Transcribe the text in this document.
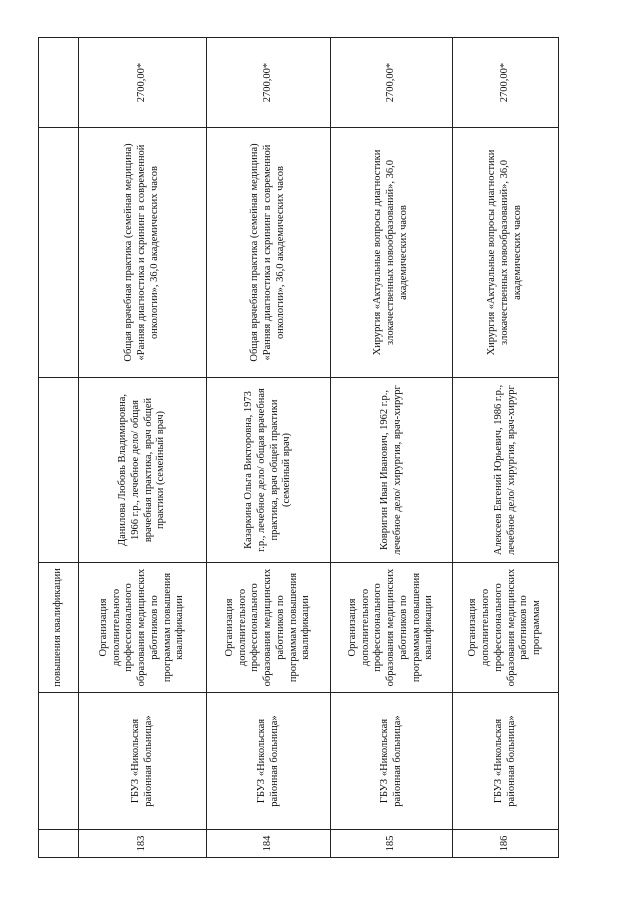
		повышения квалификации			
183	ГБУЗ «Никольская районная больница»	Организация дополнительного профессионального образования медицинских работников по программам повышения квалификации	Данилова Любовь Владимировна, 1966 г.р., лечебное дело/ общая врачебная практика, врач общей практики (семейный врач)	Общая врачебная практика (семейная медицина) «Ранняя диагностика и скрининг в современной онкологии», 36,0 академических часов	2700,00*
184	ГБУЗ «Никольская районная больница»	Организация дополнительного профессионального образования медицинских работников по программам повышения квалификации	Казаркина Ольга Викторовна, 1973 г.р., лечебное дело/ общая врачебная практика, врач общей практики (семейный врач)	Общая врачебная практика (семейная медицина) «Ранняя диагностика и скрининг в современной онкологии», 36,0 академических часов	2700,00*
185	ГБУЗ «Никольская районная больница»	Организация дополнительного профессионального образования медицинских работников по программам повышения квалификации	Ковригин Иван Иванович, 1962 г.р., лечебное дело/ хирургия, врач-хирург	Хирургия «Актуальные вопросы диагностики злокачественных новообразований», 36,0 академических часов	2700,00*
186	ГБУЗ «Никольская районная больница»	Организация дополнительного профессионального образования медицинских работников по программам	Алексеев Евгений Юрьевич, 1986 г.р., лечебное дело/ хирургия, врач-хирург	Хирургия «Актуальные вопросы диагностики злокачественных новообразований», 36,0 академических часов	2700,00*
